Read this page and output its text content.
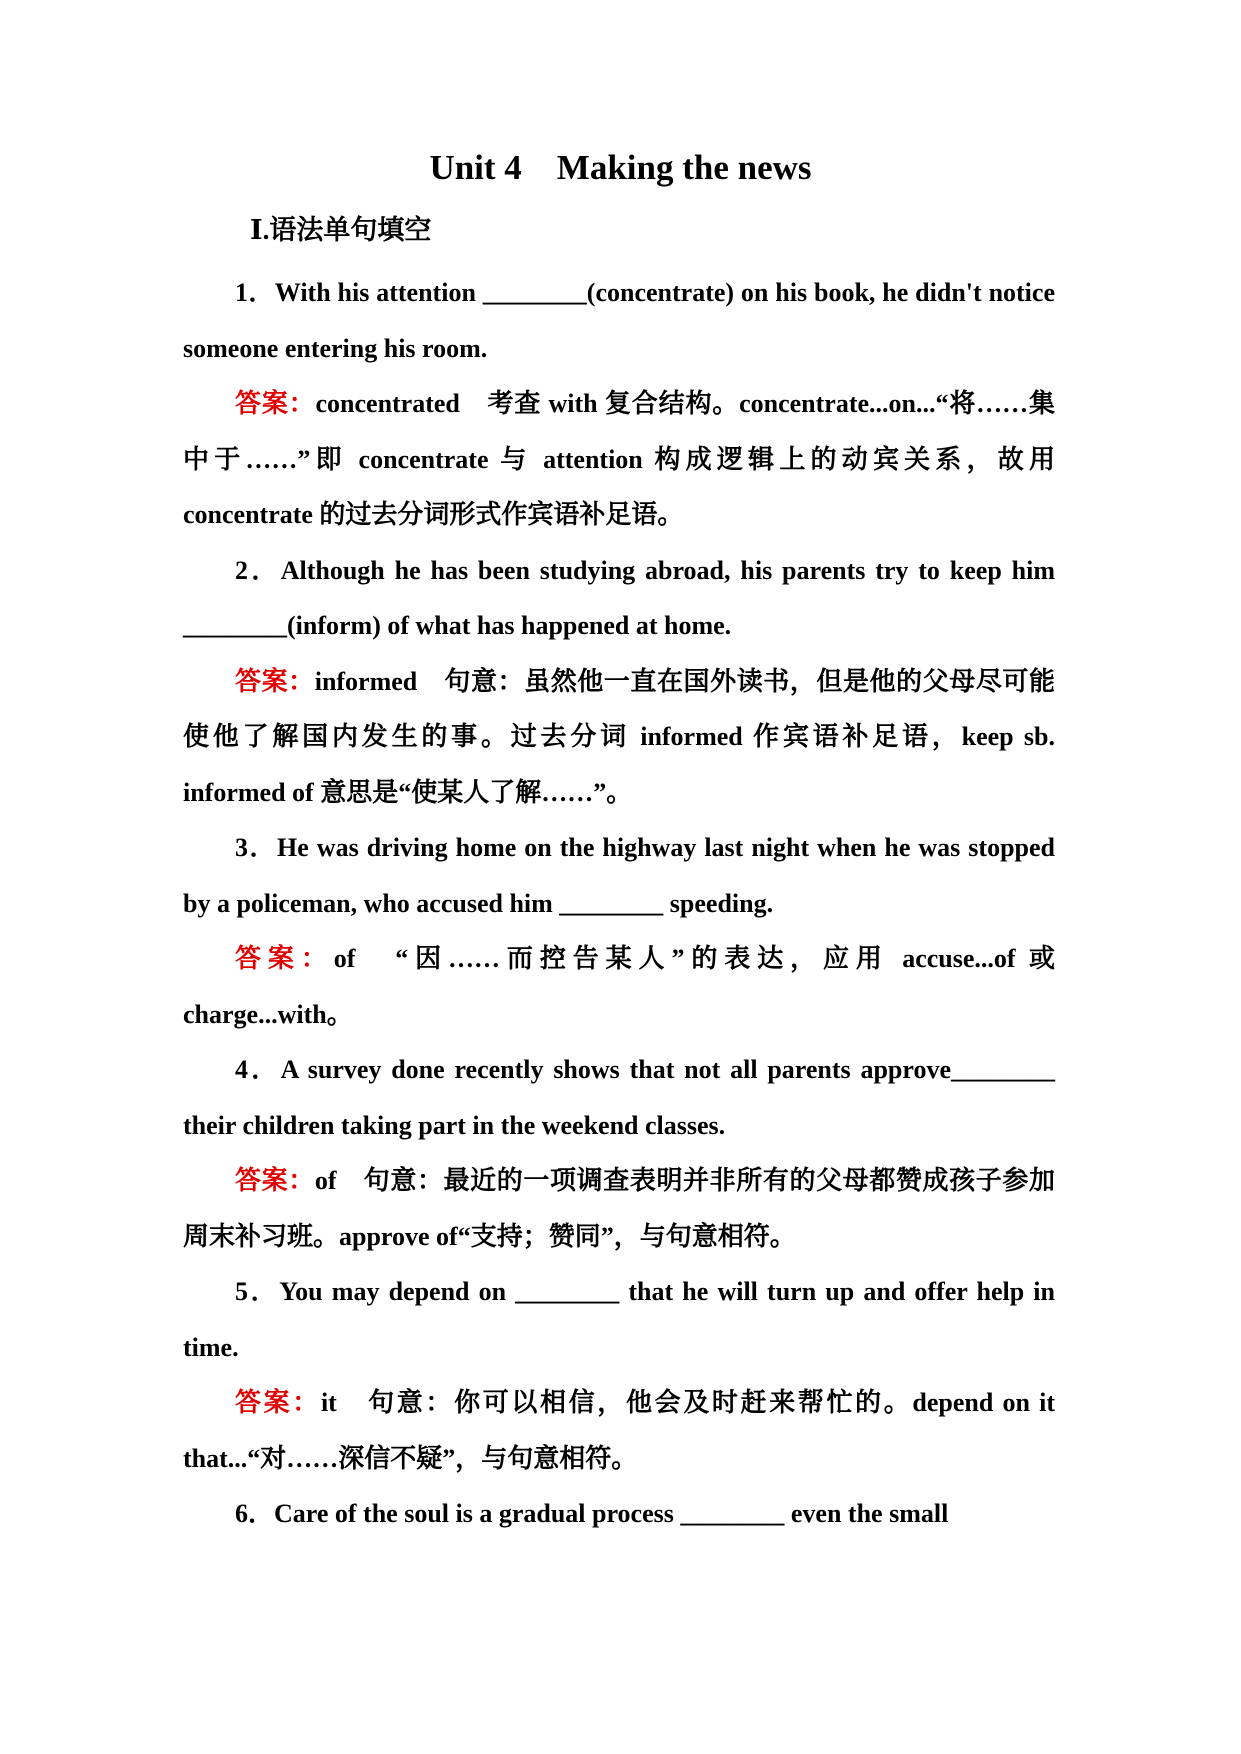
Unit 4    Making the news
Ⅰ.语法单句填空

1．With his attention ________(concentrate) on his book, he didn't notice someone entering his room.

答案：concentrated　考查 with 复合结构。concentrate...on...“将……集中于……”即 concentrate 与 attention 构成逻辑上的动宾关系，故用 concentrate 的过去分词形式作宾语补足语。

2．Although he has been studying abroad, his parents try to keep him ________(inform) of what has happened at home.

答案：informed　句意：虽然他一直在国外读书，但是他的父母尽可能使他了解国内发生的事。过去分词 informed 作宾语补足语，keep sb. informed of 意思是“使某人了解……”。

3．He was driving home on the highway last night when he was stopped by a policeman, who accused him ________ speeding.

答案：of　“因……而控告某人”的表达，应用 accuse...of 或 charge...with。

4．A survey done recently shows that not all parents approve________ their children taking part in the weekend classes.

答案：of　句意：最近的一项调查表明并非所有的父母都赞成孩子参加周末补习班。approve of“支持；赞同”，与句意相符。

5．You may depend on ________ that he will turn up and offer help in time.

答案：it　句意：你可以相信，他会及时赶来帮忙的。depend on it that...“对……深信不疑”，与句意相符。

6．Care of the soul is a gradual process ________ even the small
